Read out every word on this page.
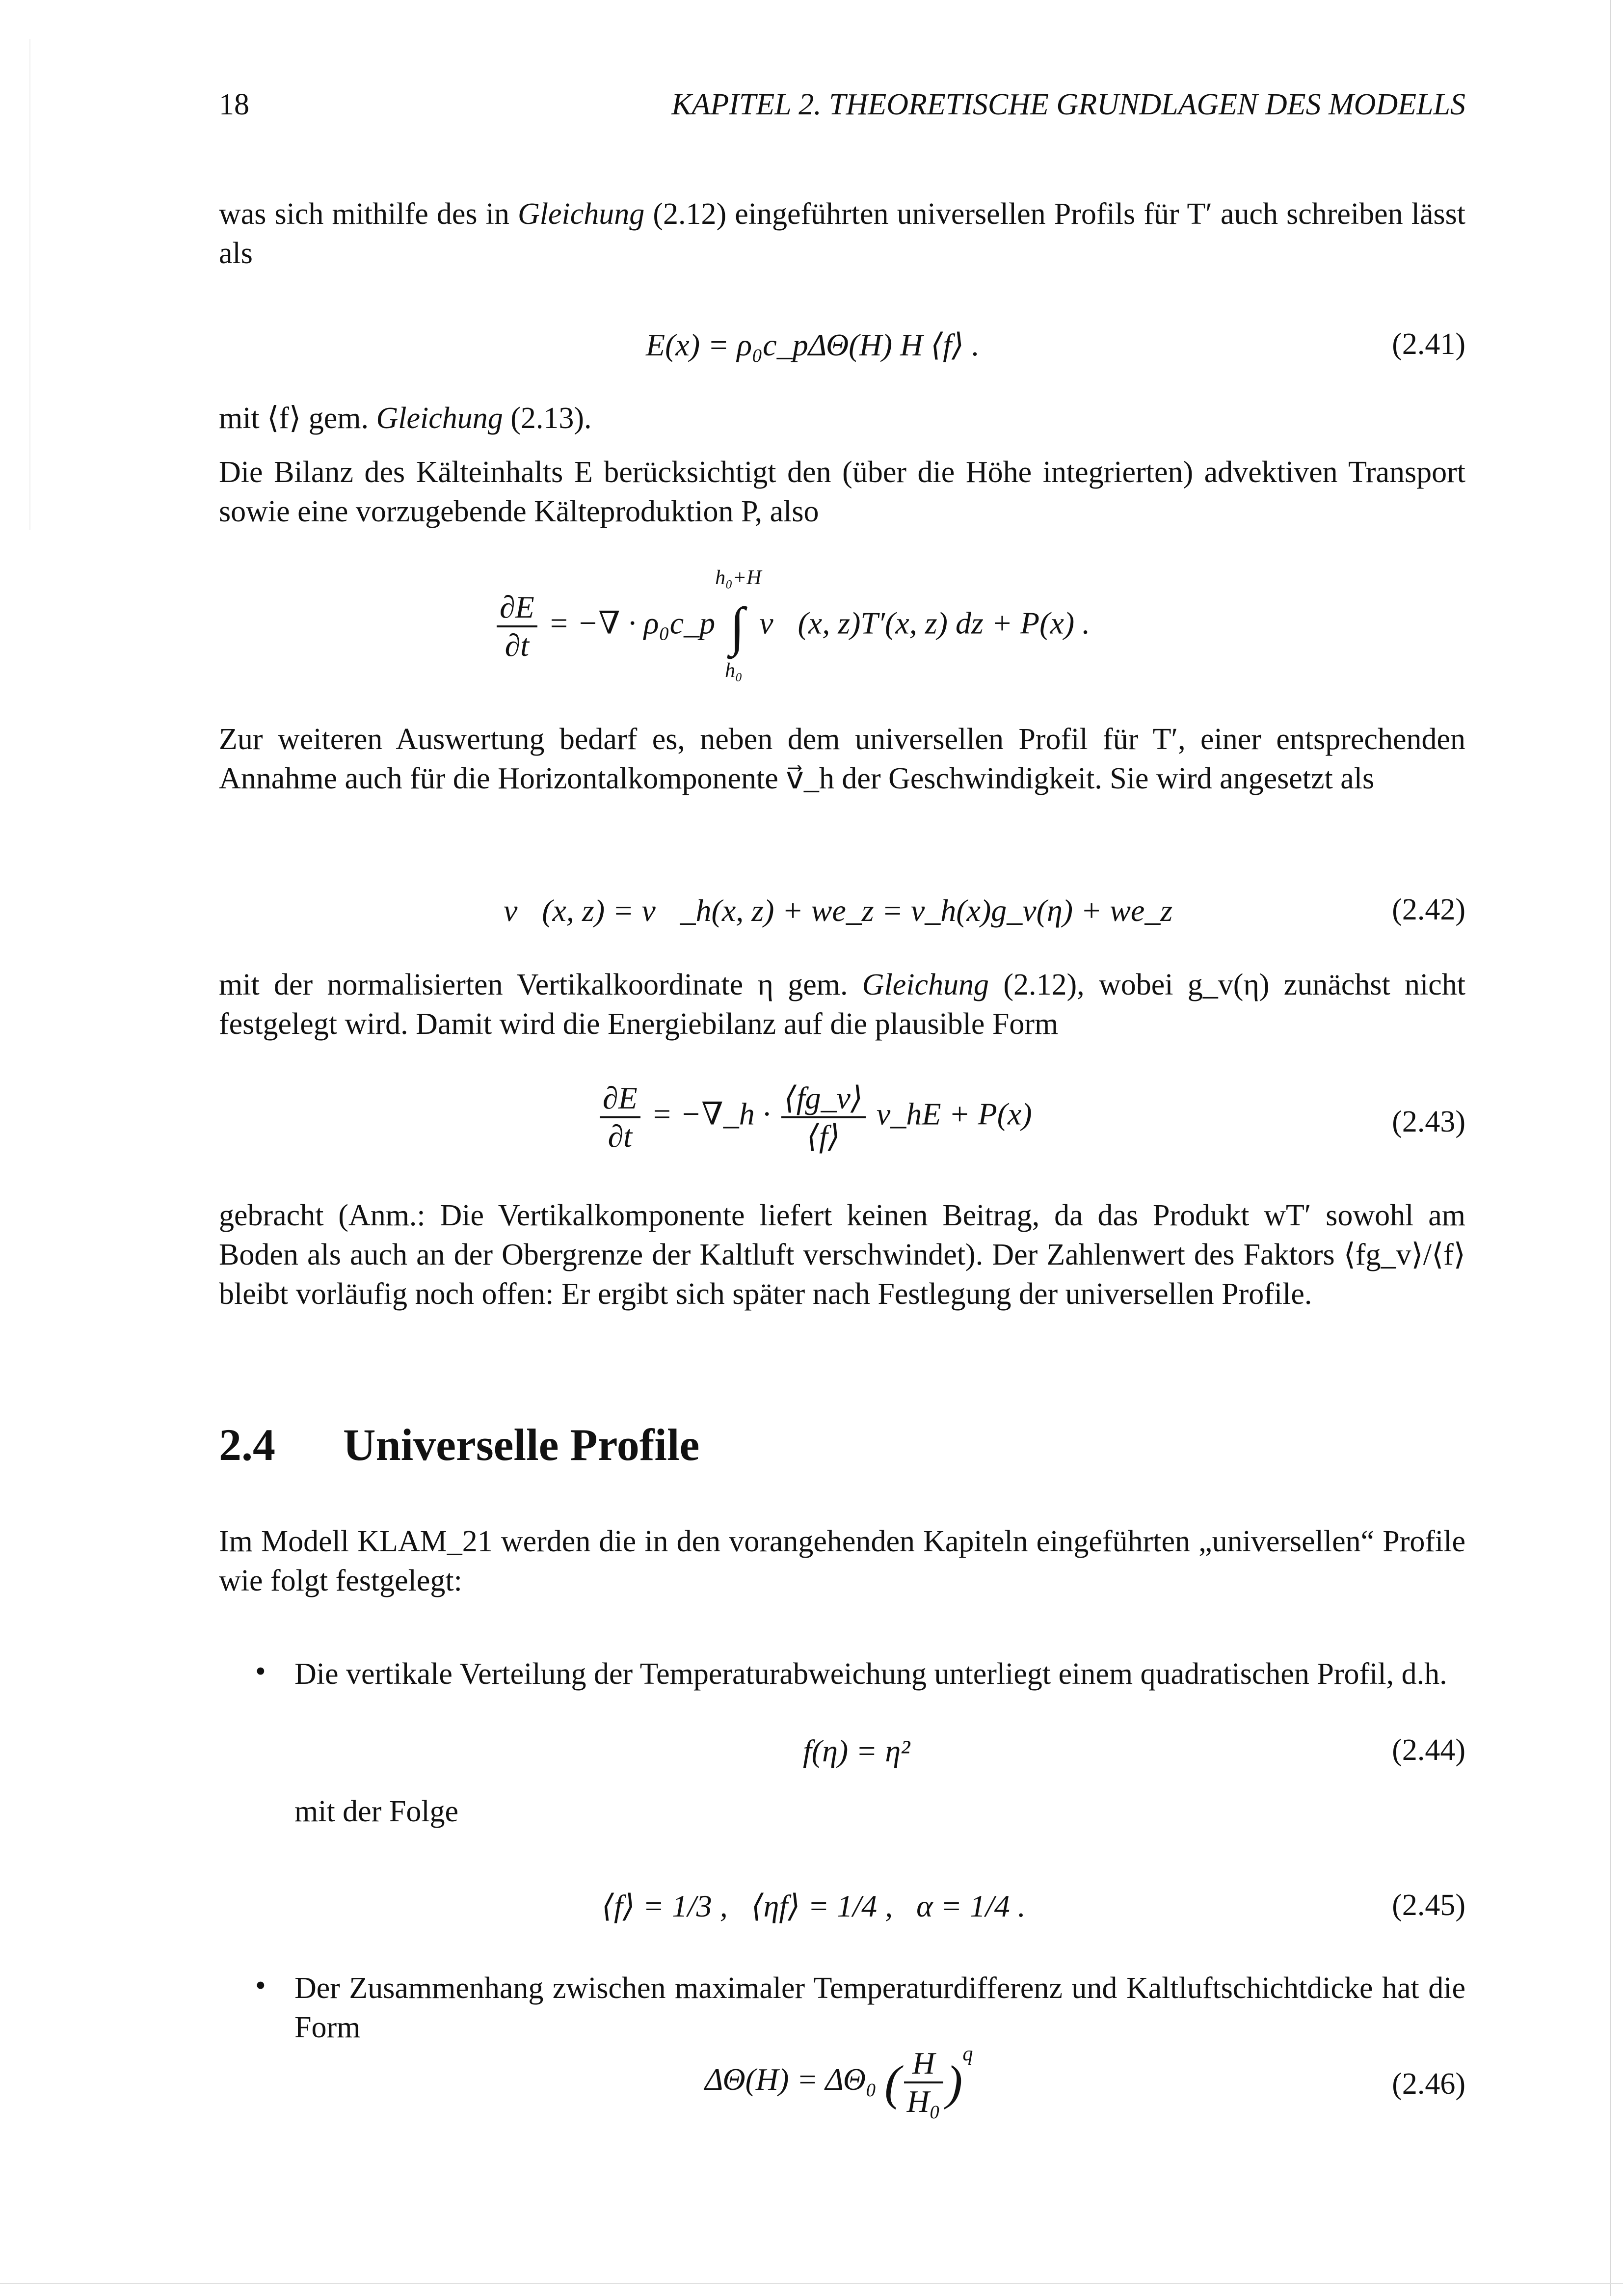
18	KAPITEL 2. THEORETISCHE GRUNDLAGEN DES MODELLS

was sich mithilfe des in Gleichung (2.12) eingeführten universellen Profils für T′ auch schreiben lässt als

E(x) = ρ₀c_pΔΘ(H) H ⟨f⟩ .	(2.41)

mit ⟨f⟩ gem. Gleichung (2.13).

Die Bilanz des Kälteinhalts E berücksichtigt den (über die Höhe integrierten) advektiven Transport sowie eine vorzugebende Kälteproduktion P, also

$\frac{\partial E}{\partial t}$ = −∇ · ρ₀c_p ∫
h₀+H
h₀
v⃗(x, z)T′(x, z) dz + P(x) .

Zur weiteren Auswertung bedarf es, neben dem universellen Profil für T′, einer entsprechenden Annahme auch für die Horizontalkomponente v⃗_h der Geschwindigkeit. Sie wird angesetzt als

v⃗(x, z) = v⃗_h(x, z) + we_z = v_h(x)g_v(η) + we_z	(2.42)

mit der normalisierten Vertikalkoordinate η gem. Gleichung (2.12), wobei g_v(η) zunächst nicht festgelegt wird. Damit wird die Energiebilanz auf die plausible Form

$\frac{\partial E}{\partial t}$ = −∇_h · $\frac{⟨fg\_v⟩}{⟨f⟩}$ v_hE + P(x)	(2.43)

gebracht (Anm.: Die Vertikalkomponente liefert keinen Beitrag, da das Produkt wT′ sowohl am Boden als auch an der Obergrenze der Kaltluft verschwindet). Der Zahlenwert des Faktors ⟨fg_v⟩/⟨f⟩ bleibt vorläufig noch offen: Er ergibt sich später nach Festlegung der universellen Profile.

2.4 Universelle Profile

Im Modell KLAM_21 werden die in den vorangehenden Kapiteln eingeführten „universellen“ Profile wie folgt festgelegt:

• Die vertikale Verteilung der Temperaturabweichung unterliegt einem quadratischen Profil, d.h.

f(η) = η²	(2.44)

mit der Folge

⟨f⟩ = 1/3 ,   ⟨ηf⟩ = 1/4 ,   α = 1/4 .	(2.45)
• Der Zusammenhang zwischen maximaler Temperaturdifferenz und Kaltluftschichtdicke hat die Form

ΔΘ(H) = ΔΘ₀ ( $\frac{H}{\text{H₀}} )^q$
(2.46)
